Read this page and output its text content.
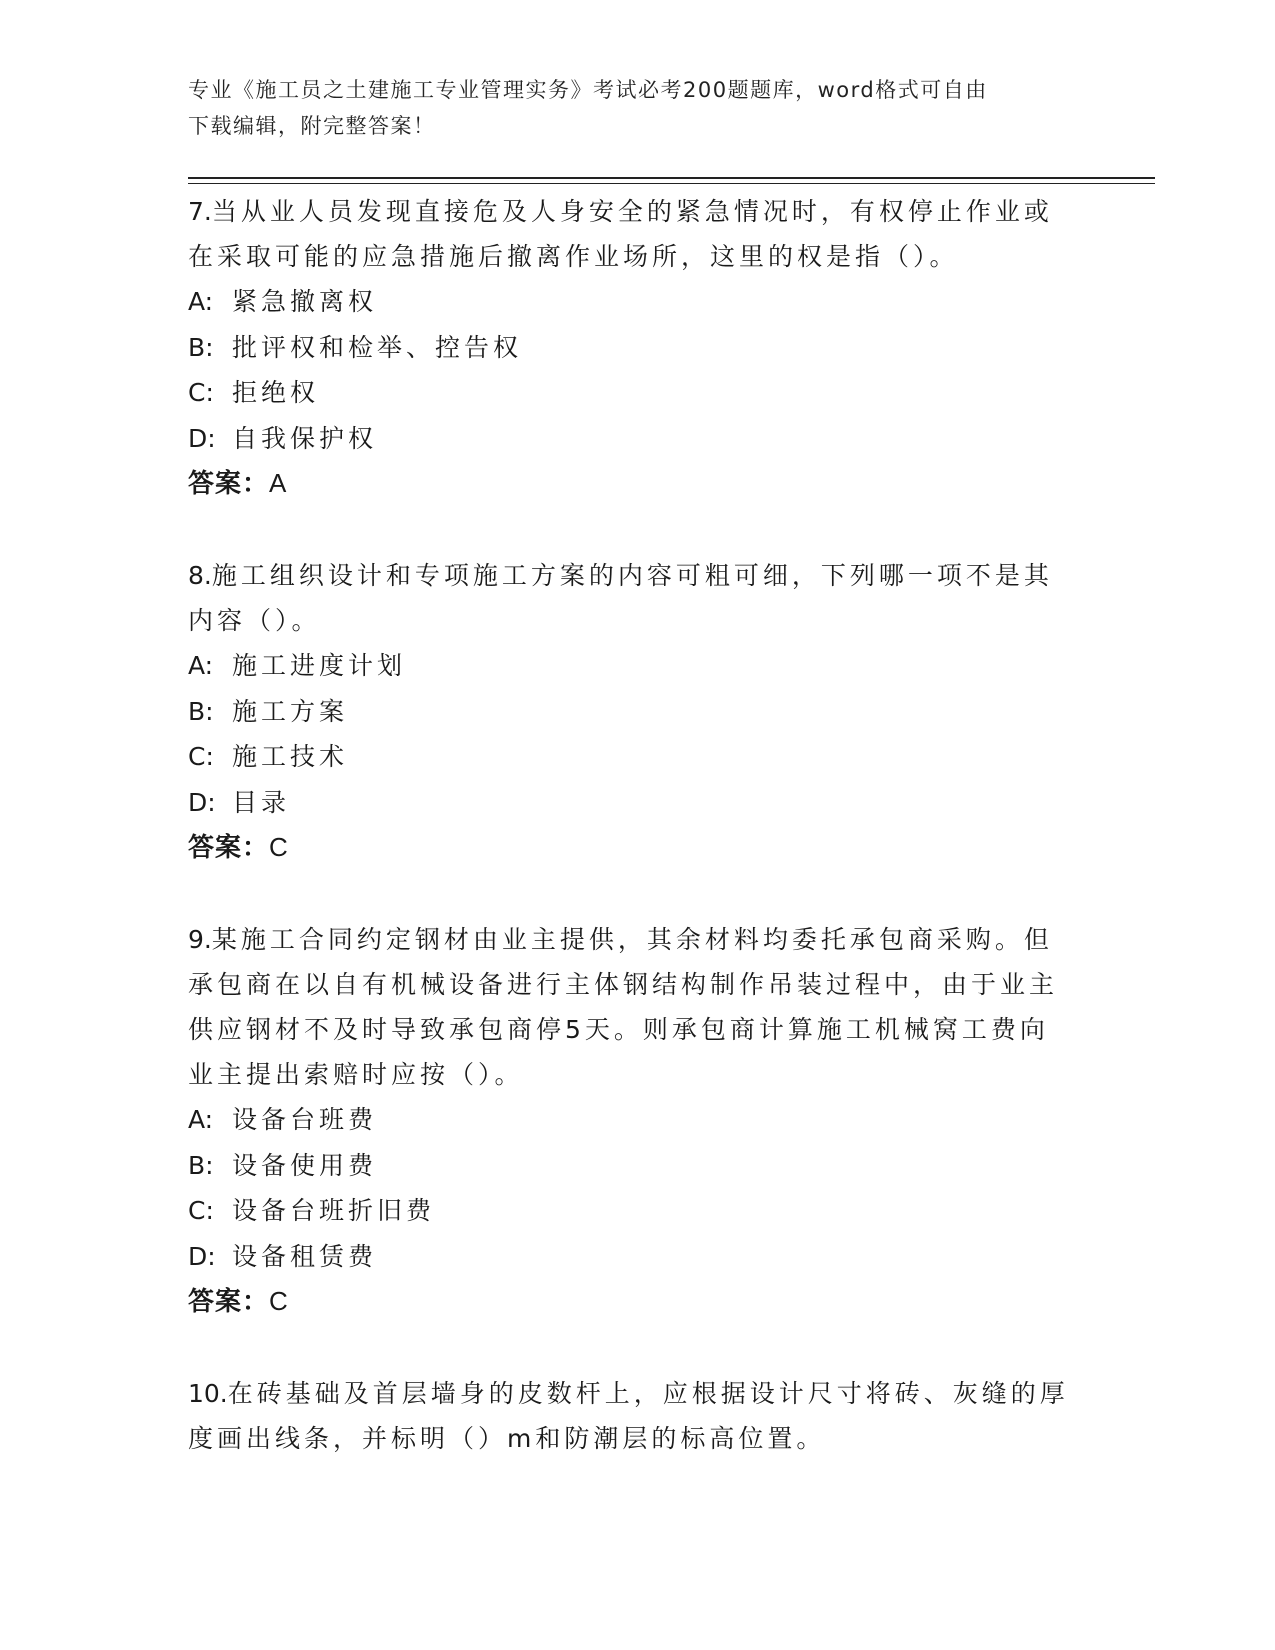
专业《施工员之土建施工专业管理实务》考试必考200题题库，word格式可自由
下载编辑，附完整答案！
7.当从业人员发现直接危及人身安全的紧急情况时，有权停止作业或
在采取可能的应急措施后撤离作业场所，这里的权是指（）。
A: 紧急撤离权
B: 批评权和检举、控告权
C: 拒绝权
D: 自我保护权
答案：A
8.施工组织设计和专项施工方案的内容可粗可细，下列哪一项不是其
内容（）。
A: 施工进度计划
B: 施工方案
C: 施工技术
D: 目录
答案：C
9.某施工合同约定钢材由业主提供，其余材料均委托承包商采购。但
承包商在以自有机械设备进行主体钢结构制作吊装过程中，由于业主
供应钢材不及时导致承包商停5天。则承包商计算施工机械窝工费向
业主提出索赔时应按（）。
A: 设备台班费
B: 设备使用费
C: 设备台班折旧费
D: 设备租赁费
答案：C
10.在砖基础及首层墙身的皮数杆上，应根据设计尺寸将砖、灰缝的厚
度画出线条，并标明（）m和防潮层的标高位置。
